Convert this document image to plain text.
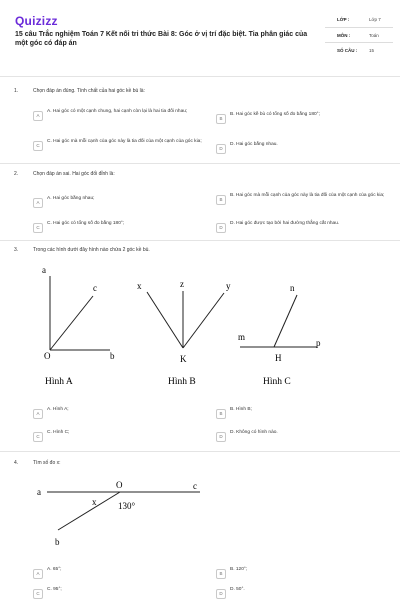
Quizizz
15 câu Trắc nghiệm Toán 7 Kết nối tri thức Bài 8: Góc ở vị trí đặc biệt. Tia phân giác của một góc có đáp án
LỚP :	Lớp 7
MÔN :	Toán
SỐ CÂU :	15
1.	Chọn đáp án đúng. Tính chất của hai góc kề bù là:
A
A. Hai góc có một cạnh chung, hai cạnh còn lại là hai tia đối nhau;
B
B. Hai góc kề bù có tổng số đo bằng 180°;
C
C. Hai góc mà mỗi cạnh của góc này là tia đối của một cạnh của góc kia;
D
D. Hai góc bằng nhau.
2.	Chọn đáp án sai. Hai góc đối đỉnh là:
A
A. Hai góc bằng nhau;	B
B. Hai góc mà mỗi cạnh của góc này là tia đối của một cạnh của góc kia;
C
C. Hai góc có tổng số đo bằng 180°;
D
D. Hai góc được tạo bởi hai đường thẳng cắt nhau.
3.	Trong các hình dưới đây hình nào chứa 2 góc kề bù.
a
c
O	b
Hình A
x	z	y
K
Hình B
n
m
p
H
Hình C
A
A. Hình A;
B
B. Hình B;
C
C. Hình C;
D
D. Không có hình nào.
4.	Tìm số đo x:
O
a
c
x 130°
b
A
A. 65°;
B
B. 120°;
C
C. 95°;
D
D. 50°.
